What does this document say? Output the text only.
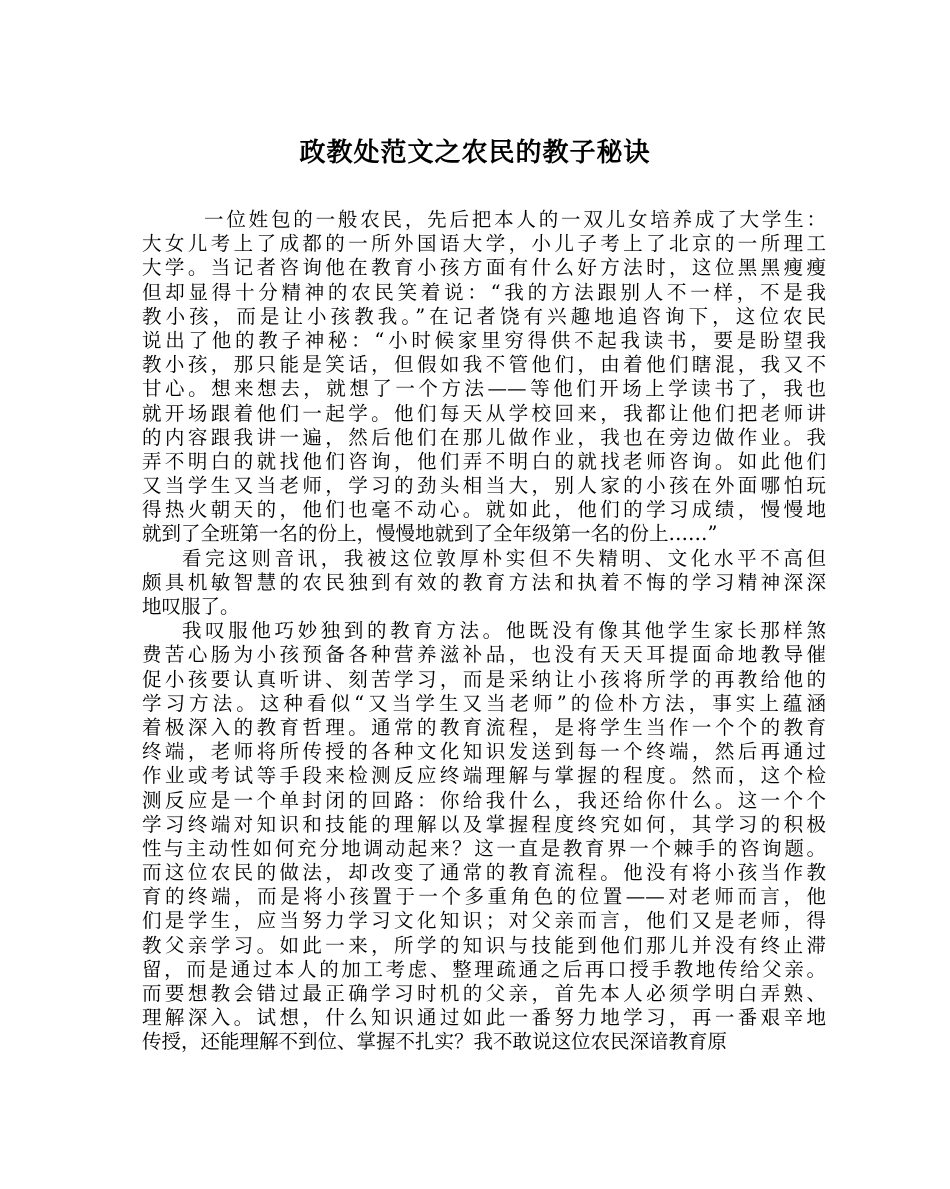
政教处范文之农民的教子秘诀
一位姓包的一般农民，先后把本人的一双儿女培养成了大学生：
大女儿考上了成都的一所外国语大学，小儿子考上了北京的一所理工
大学。当记者咨询他在教育小孩方面有什么好方法时，这位黑黑瘦瘦
但却显得十分精神的农民笑着说：“我的方法跟别人不一样，不是我
教小孩，而是让小孩教我。”在记者饶有兴趣地追咨询下，这位农民
说出了他的教子神秘：“小时候家里穷得供不起我读书，要是盼望我
教小孩，那只能是笑话，但假如我不管他们，由着他们瞎混，我又不
甘心。想来想去，就想了一个方法——等他们开场上学读书了，我也
就开场跟着他们一起学。他们每天从学校回来，我都让他们把老师讲
的内容跟我讲一遍，然后他们在那儿做作业，我也在旁边做作业。我
弄不明白的就找他们咨询，他们弄不明白的就找老师咨询。如此他们
又当学生又当老师，学习的劲头相当大，别人家的小孩在外面哪怕玩
得热火朝天的，他们也毫不动心。就如此，他们的学习成绩，慢慢地
就到了全班第一名的份上，慢慢地就到了全年级第一名的份上……”
看完这则音讯，我被这位敦厚朴实但不失精明、文化水平不高但
颇具机敏智慧的农民独到有效的教育方法和执着不悔的学习精神深深
地叹服了。
我叹服他巧妙独到的教育方法。他既没有像其他学生家长那样煞
费苦心肠为小孩预备各种营养滋补品，也没有天天耳提面命地教导催
促小孩要认真听讲、刻苦学习，而是采纳让小孩将所学的再教给他的
学习方法。这种看似“又当学生又当老师”的俭朴方法，事实上蕴涵
着极深入的教育哲理。通常的教育流程，是将学生当作一个个的教育
终端，老师将所传授的各种文化知识发送到每一个终端，然后再通过
作业或考试等手段来检测反应终端理解与掌握的程度。然而，这个检
测反应是一个单封闭的回路：你给我什么，我还给你什么。这一个个
学习终端对知识和技能的理解以及掌握程度终究如何，其学习的积极
性与主动性如何充分地调动起来？这一直是教育界一个棘手的咨询题。
而这位农民的做法，却改变了通常的教育流程。他没有将小孩当作教
育的终端，而是将小孩置于一个多重角色的位置——对老师而言，他
们是学生，应当努力学习文化知识；对父亲而言，他们又是老师，得
教父亲学习。如此一来，所学的知识与技能到他们那儿并没有终止滞
留，而是通过本人的加工考虑、整理疏通之后再口授手教地传给父亲。
而要想教会错过最正确学习时机的父亲，首先本人必须学明白弄熟、
理解深入。试想，什么知识通过如此一番努力地学习，再一番艰辛地
传授，还能理解不到位、掌握不扎实？我不敢说这位农民深谙教育原
